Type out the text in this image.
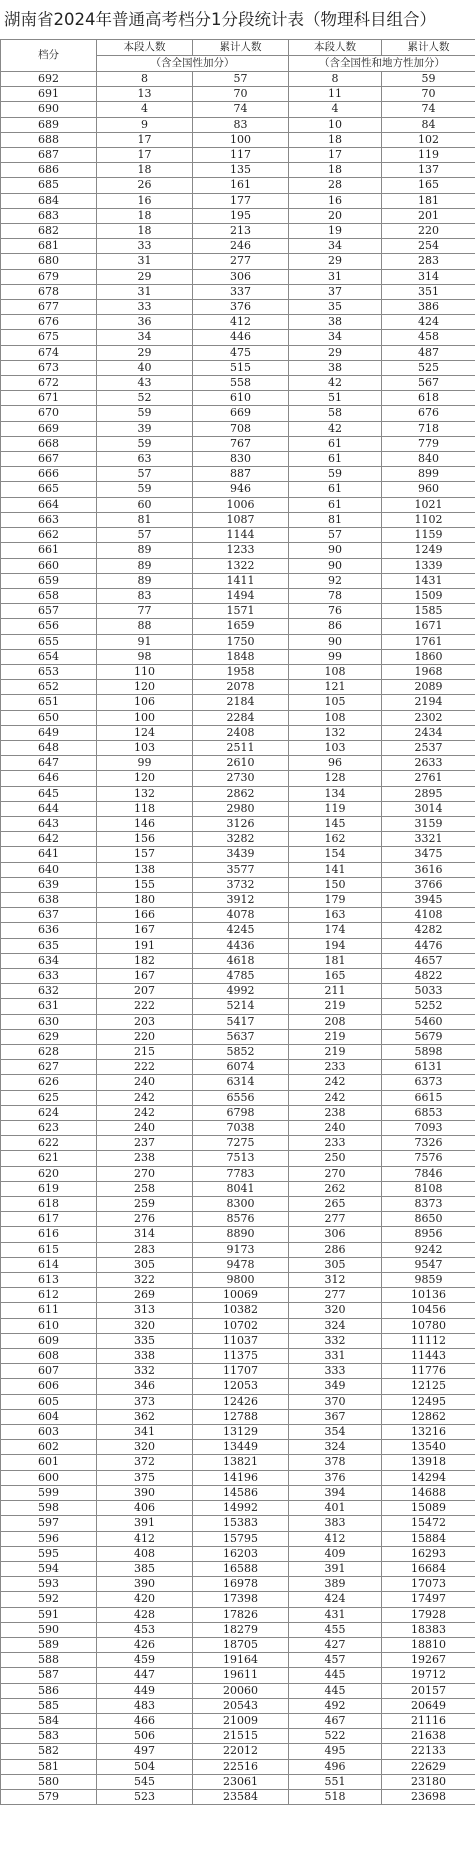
湖南省2024年普通高考档分1分段统计表（物理科目组合）
档分	本段人数	累计人数	本段人数	累计人数
	（含全国性加分）		（含全国性和地方性加分）	
692	8	57	8	59
691	13	70	11	70
690	4	74	4	74
689	9	83	10	84
688	17	100	18	102
687	17	117	17	119
686	18	135	18	137
685	26	161	28	165
684	16	177	16	181
683	18	195	20	201
682	18	213	19	220
681	33	246	34	254
680	31	277	29	283
679	29	306	31	314
678	31	337	37	351
677	33	376	35	386
676	36	412	38	424
675	34	446	34	458
674	29	475	29	487
673	40	515	38	525
672	43	558	42	567
671	52	610	51	618
670	59	669	58	676
669	39	708	42	718
668	59	767	61	779
667	63	830	61	840
666	57	887	59	899
665	59	946	61	960
664	60	1006	61	1021
663	81	1087	81	1102
662	57	1144	57	1159
661	89	1233	90	1249
660	89	1322	90	1339
659	89	1411	92	1431
658	83	1494	78	1509
657	77	1571	76	1585
656	88	1659	86	1671
655	91	1750	90	1761
654	98	1848	99	1860
653	110	1958	108	1968
652	120	2078	121	2089
651	106	2184	105	2194
650	100	2284	108	2302
649	124	2408	132	2434
648	103	2511	103	2537
647	99	2610	96	2633
646	120	2730	128	2761
645	132	2862	134	2895
644	118	2980	119	3014
643	146	3126	145	3159
642	156	3282	162	3321
641	157	3439	154	3475
640	138	3577	141	3616
639	155	3732	150	3766
638	180	3912	179	3945
637	166	4078	163	4108
636	167	4245	174	4282
635	191	4436	194	4476
634	182	4618	181	4657
633	167	4785	165	4822
632	207	4992	211	5033
631	222	5214	219	5252
630	203	5417	208	5460
629	220	5637	219	5679
628	215	5852	219	5898
627	222	6074	233	6131
626	240	6314	242	6373
625	242	6556	242	6615
624	242	6798	238	6853
623	240	7038	240	7093
622	237	7275	233	7326
621	238	7513	250	7576
620	270	7783	270	7846
619	258	8041	262	8108
618	259	8300	265	8373
617	276	8576	277	8650
616	314	8890	306	8956
615	283	9173	286	9242
614	305	9478	305	9547
613	322	9800	312	9859
612	269	10069	277	10136
611	313	10382	320	10456
610	320	10702	324	10780
609	335	11037	332	11112
608	338	11375	331	11443
607	332	11707	333	11776
606	346	12053	349	12125
605	373	12426	370	12495
604	362	12788	367	12862
603	341	13129	354	13216
602	320	13449	324	13540
601	372	13821	378	13918
600	375	14196	376	14294
599	390	14586	394	14688
598	406	14992	401	15089
597	391	15383	383	15472
596	412	15795	412	15884
595	408	16203	409	16293
594	385	16588	391	16684
593	390	16978	389	17073
592	420	17398	424	17497
591	428	17826	431	17928
590	453	18279	455	18383
589	426	18705	427	18810
588	459	19164	457	19267
587	447	19611	445	19712
586	449	20060	445	20157
585	483	20543	492	20649
584	466	21009	467	21116
583	506	21515	522	21638
582	497	22012	495	22133
581	504	22516	496	22629
580	545	23061	551	23180
579	523	23584	518	23698
